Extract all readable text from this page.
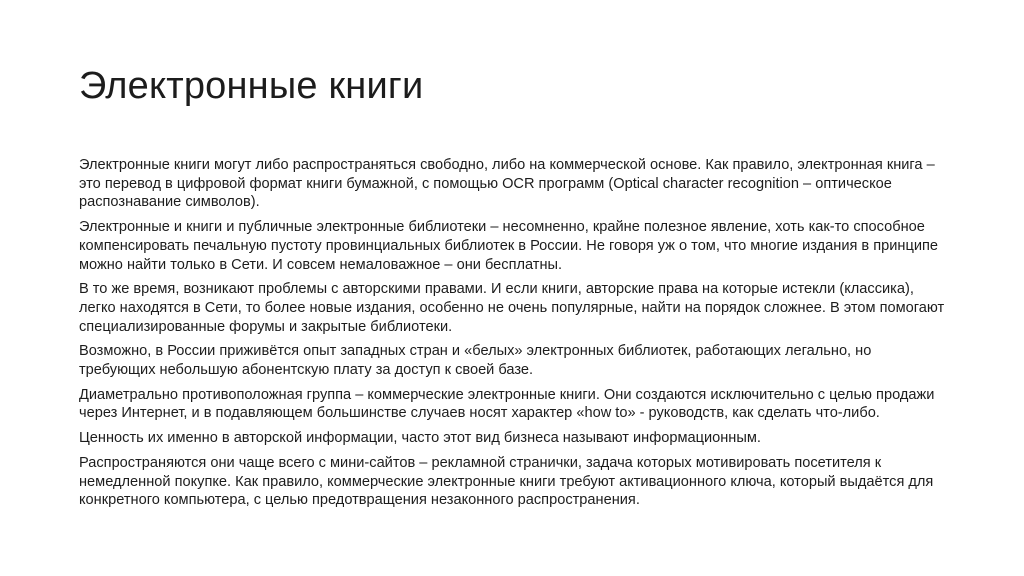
Электронные книги

Электронные книги могут либо распространяться свободно, либо на коммерческой основе. Как правило, электронная книга – это перевод в цифровой формат книги бумажной, с помощью OCR программ (Optical character recognition – оптическое распознавание символов).

Электронные и книги и публичные электронные библиотеки – несомненно, крайне полезное явление, хоть как-то способное компенсировать печальную пустоту провинциальных библиотек в России. Не говоря уж о том, что многие издания в принципе можно найти только в Сети. И совсем немаловажное – они бесплатны.

В то же время, возникают проблемы с авторскими правами. И если книги, авторские права на которые истекли (классика), легко находятся в Сети, то более новые издания, особенно не очень популярные, найти на порядок сложнее. В этом помогают специализированные форумы и закрытые библиотеки.

Возможно, в России приживётся опыт западных стран и «белых» электронных библиотек, работающих легально, но требующих небольшую абонентскую плату за доступ к своей базе.

Диаметрально противоположная группа – коммерческие электронные книги. Они создаются исключительно с целью продажи через Интернет, и в подавляющем большинстве случаев носят характер «how to» - руководств, как сделать что-либо.

Ценность их именно в авторской информации, часто этот вид бизнеса называют информационным.

Распространяются они чаще всего с мини-сайтов – рекламной странички, задача которых мотивировать посетителя к немедленной покупке. Как правило, коммерческие электронные книги требуют активационного ключа, который выдаётся для конкретного компьютера, с целью предотвращения незаконного распространения.
